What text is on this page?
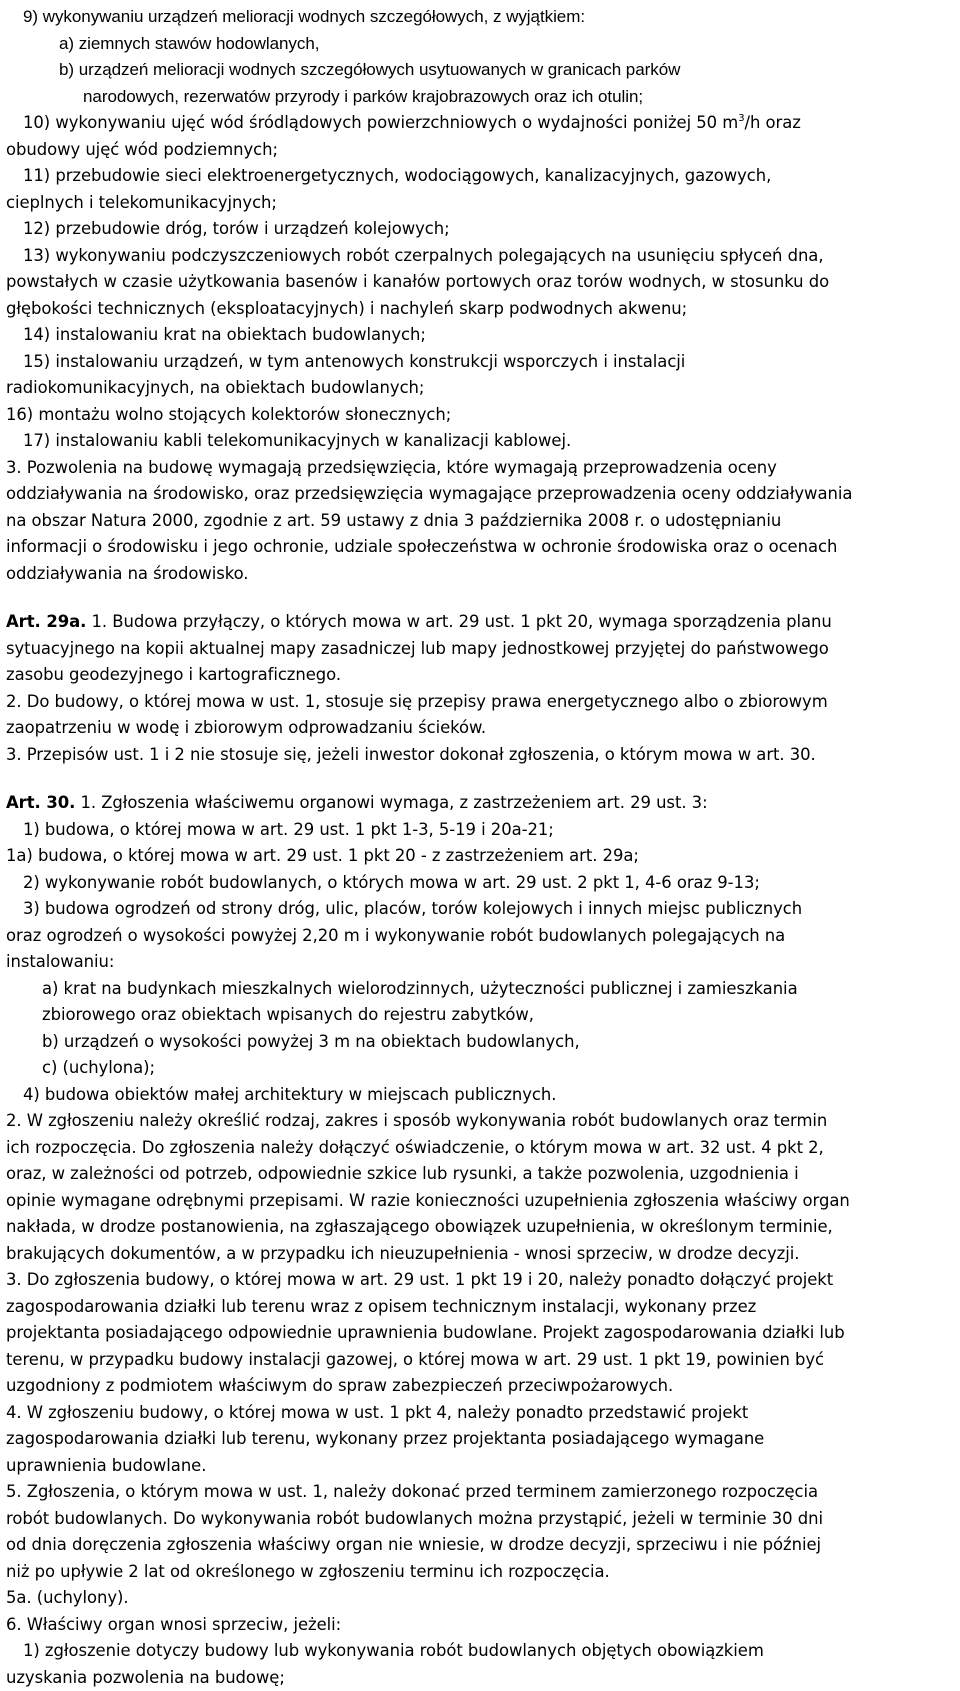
9) wykonywaniu urządzeń melioracji wodnych szczegółowych, z wyjątkiem:
a) ziemnych stawów hodowlanych,
b) urządzeń melioracji wodnych szczegółowych usytuowanych w granicach parków
narodowych, rezerwatów przyrody i parków krajobrazowych oraz ich otulin;
10) wykonywaniu ujęć wód śródlądowych powierzchniowych o wydajności poniżej 50 $m^3/h$ oraz
obudowy ujęć wód podziemnych;
11) przebudowie sieci elektroenergetycznych, wodociągowych, kanalizacyjnych, gazowych,
cieplnych i telekomunikacyjnych;
12) przebudowie dróg, torów i urządzeń kolejowych;
13) wykonywaniu podczyszczeniowych robót czerpalnych polegających na usunięciu spłyceń dna,
powstałych w czasie użytkowania basenów i kanałów portowych oraz torów wodnych, w stosunku do
głębokości technicznych (eksploatacyjnych) i nachyleń skarp podwodnych akwenu;
14) instalowaniu krat na obiektach budowlanych;
15) instalowaniu urządzeń, w tym antenowych konstrukcji wsporczych i instalacji
radiokomunikacyjnych, na obiektach budowlanych;
16) montażu wolno stojących kolektorów słonecznych;
17) instalowaniu kabli telekomunikacyjnych w kanalizacji kablowej.
3. Pozwolenia na budowę wymagają przedsięwzięcia, które wymagają przeprowadzenia oceny
oddziaływania na środowisko, oraz przedsięwzięcia wymagające przeprowadzenia oceny oddziaływania
na obszar Natura 2000, zgodnie z art. 59 ustawy z dnia 3 października 2008 r. o udostępnianiu
informacji o środowisku i jego ochronie, udziale społeczeństwa w ochronie środowiska oraz o ocenach
oddziaływania na środowisko.
Art. 29a. 1. Budowa przyłączy, o których mowa w art. 29 ust. 1 pkt 20, wymaga sporządzenia planu
sytuacyjnego na kopii aktualnej mapy zasadniczej lub mapy jednostkowej przyjętej do państwowego
zasobu geodezyjnego i kartograficznego.
2. Do budowy, o której mowa w ust. 1, stosuje się przepisy prawa energetycznego albo o zbiorowym
zaopatrzeniu w wodę i zbiorowym odprowadzaniu ścieków.
3. Przepisów ust. 1 i 2 nie stosuje się, jeżeli inwestor dokonał zgłoszenia, o którym mowa w art. 30.
Art. 30. 1. Zgłoszenia właściwemu organowi wymaga, z zastrzeżeniem art. 29 ust. 3:
1) budowa, o której mowa w art. 29 ust. 1 pkt 1-3, 5-19 i 20a-21;
1a) budowa, o której mowa w art. 29 ust. 1 pkt 20 - z zastrzeżeniem art. 29a;
2) wykonywanie robót budowlanych, o których mowa w art. 29 ust. 2 pkt 1, 4-6 oraz 9-13;
3) budowa ogrodzeń od strony dróg, ulic, placów, torów kolejowych i innych miejsc publicznych
oraz ogrodzeń o wysokości powyżej 2,20 m i wykonywanie robót budowlanych polegających na
instalowaniu:
a) krat na budynkach mieszkalnych wielorodzinnych, użyteczności publicznej i zamieszkania
zbiorowego oraz obiektach wpisanych do rejestru zabytków,
b) urządzeń o wysokości powyżej 3 m na obiektach budowlanych,
c) (uchylona);
4) budowa obiektów małej architektury w miejscach publicznych.
2. W zgłoszeniu należy określić rodzaj, zakres i sposób wykonywania robót budowlanych oraz termin
ich rozpoczęcia. Do zgłoszenia należy dołączyć oświadczenie, o którym mowa w art. 32 ust. 4 pkt 2,
oraz, w zależności od potrzeb, odpowiednie szkice lub rysunki, a także pozwolenia, uzgodnienia i
opinie wymagane odrębnymi przepisami. W razie konieczności uzupełnienia zgłoszenia właściwy organ
nakłada, w drodze postanowienia, na zgłaszającego obowiązek uzupełnienia, w określonym terminie,
brakujących dokumentów, a w przypadku ich nieuzupełnienia - wnosi sprzeciw, w drodze decyzji.
3. Do zgłoszenia budowy, o której mowa w art. 29 ust. 1 pkt 19 i 20, należy ponadto dołączyć projekt
zagospodarowania działki lub terenu wraz z opisem technicznym instalacji, wykonany przez
projektanta posiadającego odpowiednie uprawnienia budowlane. Projekt zagospodarowania działki lub
terenu, w przypadku budowy instalacji gazowej, o której mowa w art. 29 ust. 1 pkt 19, powinien być
uzgodniony z podmiotem właściwym do spraw zabezpieczeń przeciwpożarowych.
4. W zgłoszeniu budowy, o której mowa w ust. 1 pkt 4, należy ponadto przedstawić projekt
zagospodarowania działki lub terenu, wykonany przez projektanta posiadającego wymagane
uprawnienia budowlane.
5. Zgłoszenia, o którym mowa w ust. 1, należy dokonać przed terminem zamierzonego rozpoczęcia
robót budowlanych. Do wykonywania robót budowlanych można przystąpić, jeżeli w terminie 30 dni
od dnia doręczenia zgłoszenia właściwy organ nie wniesie, w drodze decyzji, sprzeciwu i nie później
niż po upływie 2 lat od określonego w zgłoszeniu terminu ich rozpoczęcia.
5a. (uchylony).
6. Właściwy organ wnosi sprzeciw, jeżeli:
1) zgłoszenie dotyczy budowy lub wykonywania robót budowlanych objętych obowiązkiem
uzyskania pozwolenia na budowę;
